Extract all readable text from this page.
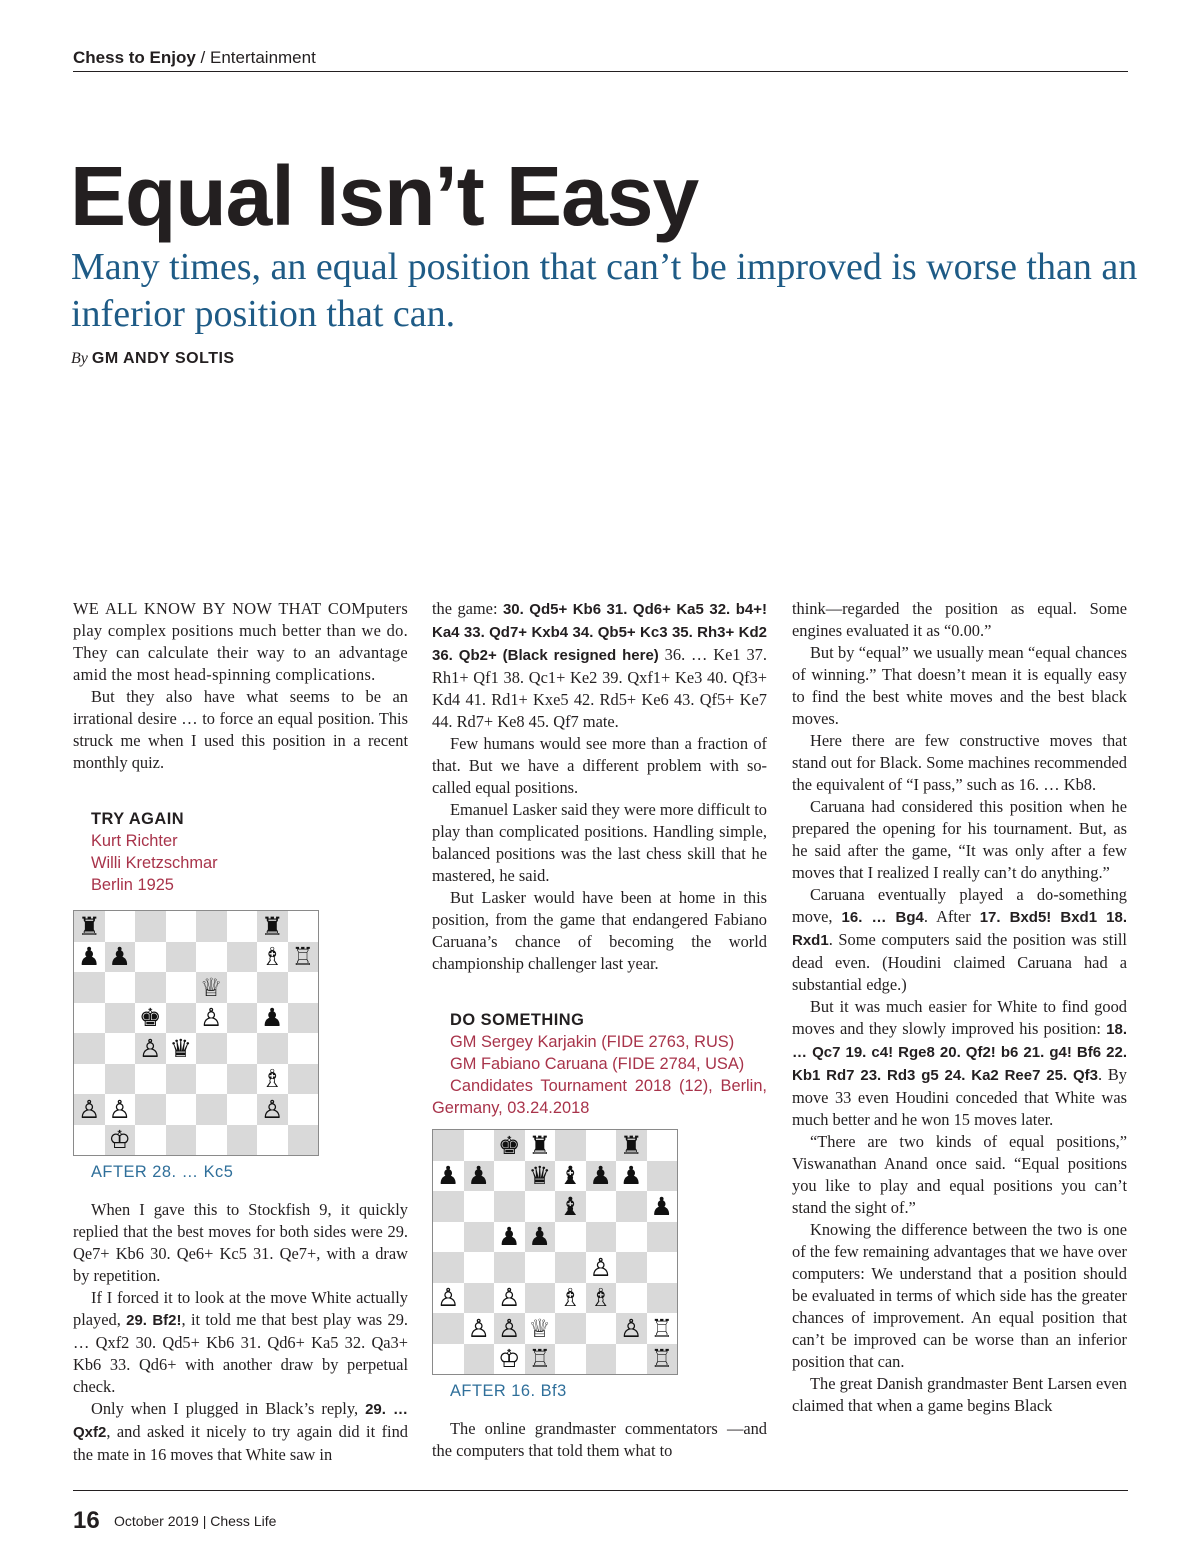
Chess to Enjoy / Entertainment
Equal Isn’t Easy

Many times, an equal position that can’t be improved is worse than an inferior position that can.

By GM ANDY SOLTIS

WE ALL KNOW BY NOW THAT COMputers play complex positions much better than we do. They can calculate their way to an advantage amid the most head-spinning complications.

But they also have what seems to be an irrational desire … to force an equal position. This struck me when I used this position in a recent monthly quiz.

TRY AGAIN

Kurt Richter

Willi Kretzschmar

Berlin 1925

♜	♜
♟ ♟	♗ ♖
♕
♚ ♙ ♟
♙ ♛
♗
♙ ♙	♙
♔

AFTER 28. … Kc5

When I gave this to Stockfish 9, it quickly replied that the best moves for both sides were 29. Qe7+ Kb6 30. Qe6+ Kc5 31. Qe7+, with a draw by repetition.

If I forced it to look at the move White actually played, 29. Bf2!, it told me that best play was 29. … Qxf2 30. Qd5+ Kb6 31. Qd6+ Ka5 32. Qa3+ Kb6 33. Qd6+ with another draw by perpetual check.

Only when I plugged in Black’s reply, 29. … Qxf2, and asked it nicely to try again did it find the mate in 16 moves that White saw in

the game: 30. Qd5+ Kb6 31. Qd6+ Ka5 32. b4+! Ka4 33. Qd7+ Kxb4 34. Qb5+ Kc3 35. Rh3+ Kd2 36. Qb2+ (Black resigned here) 36. … Ke1 37. Rh1+ Qf1 38. Qc1+ Ke2 39. Qxf1+ Ke3 40. Qf3+ Kd4 41. Rd1+ Kxe5 42. Rd5+ Ke6 43. Qf5+ Ke7 44. Rd7+ Ke8 45. Qf7 mate.

Few humans would see more than a fraction of that. But we have a different problem with so-called equal positions.

Emanuel Lasker said they were more difficult to play than complicated positions. Handling simple, balanced positions was the last chess skill that he mastered, he said.

But Lasker would have been at home in this position, from the game that endangered Fabiano Caruana’s chance of becoming the world championship challenger last year.

DO SOMETHING

GM Sergey Karjakin (FIDE 2763, RUS)

GM Fabiano Caruana (FIDE 2784, USA)

Candidates Tournament 2018 (12), Berlin, Germany, 03.24.2018

♚ ♜	♜
♟ ♟ ♛ ♝ ♟ ♟
♝	♟
♟ ♟
♙
♙ ♙ ♗ ♗
♙ ♙ ♕	♙ ♖
♔ ♖	♖

AFTER 16. Bf3

The online grandmaster commentators —and the computers that told them what to

think—regarded the position as equal. Some engines evaluated it as “0.00.”

But by “equal” we usually mean “equal chances of winning.” That doesn’t mean it is equally easy to find the best white moves and the best black moves.

Here there are few constructive moves that stand out for Black. Some machines recommended the equivalent of “I pass,” such as 16. … Kb8.

Caruana had considered this position when he prepared the opening for his tournament. But, as he said after the game, “It was only after a few moves that I realized I really can’t do anything.”

Caruana eventually played a do-something move, 16. … Bg4. After 17. Bxd5! Bxd1 18. Rxd1. Some computers said the position was still dead even. (Houdini claimed Caruana had a substantial edge.)

But it was much easier for White to find good moves and they slowly improved his position: 18. … Qc7 19. c4! Rge8 20. Qf2! b6 21. g4! Bf6 22. Kb1 Rd7 23. Rd3 g5 24. Ka2 Ree7 25. Qf3. By move 33 even Houdini conceded that White was much better and he won 15 moves later.

“There are two kinds of equal positions,” Viswanathan Anand once said. “Equal positions you like to play and equal positions you can’t stand the sight of.”

Knowing the difference between the two is one of the few remaining advantages that we have over computers: We understand that a position should be evaluated in terms of which side has the greater chances of improvement. An equal position that can’t be improved can be worse than an inferior position that can.

The great Danish grandmaster Bent Larsen even claimed that when a game begins Black

16 October 2019 | Chess Life
